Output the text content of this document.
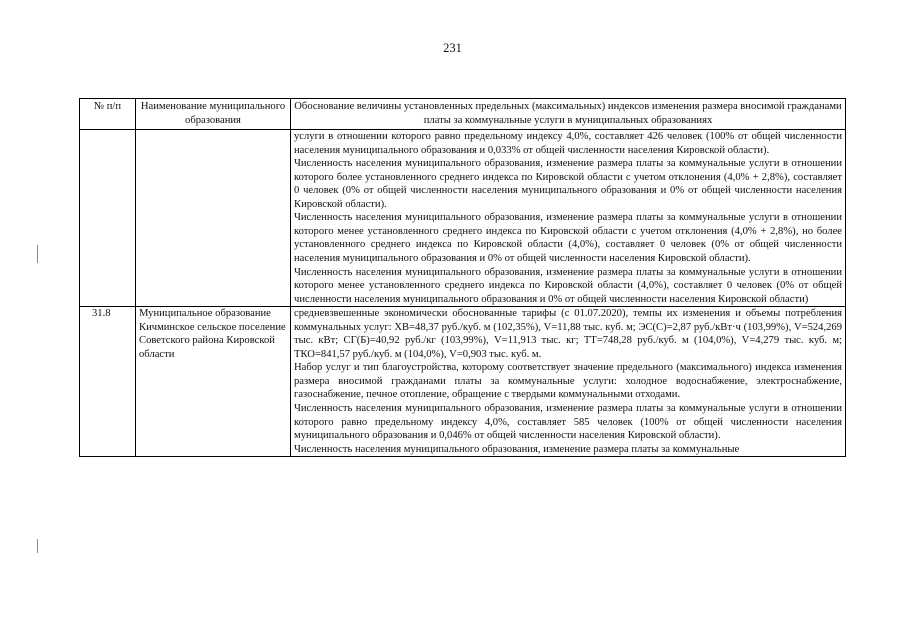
231
№ п/п	Наименование муниципального образования	Обоснование величины установленных предельных (максимальных) индексов изменения размера вносимой гражданами платы за коммунальные услуги в муниципальных образованиях

		услуги в отношении которого равно предельному индексу 4,0%, составляет 426 человек (100% от общей численности населения муниципального образования и 0,033% от общей численности населения Кировской области).

Численность населения муниципального образования, изменение размера платы за коммунальные услуги в отношении которого более установленного среднего индекса по Кировской области с учетом отклонения (4,0% + 2,8%), составляет 0 человек (0% от общей численности населения муниципального образования и 0% от общей численности населения Кировской области).

Численность населения муниципального образования, изменение размера платы за коммунальные услуги в отношении которого менее установленного среднего индекса по Кировской области с учетом отклонения (4,0% + 2,8%), но более установленного среднего индекса по Кировской области (4,0%), составляет 0 человек (0% от общей численности населения муниципального образования и 0% от общей численности населения Кировской области).

Численность населения муниципального образования, изменение размера платы за коммунальные услуги в отношении которого менее установленного среднего индекса по Кировской области (4,0%), составляет 0 человек (0% от общей численности населения муниципального образования и 0% от общей численности населения Кировской области)

31.8	Муниципальное образование Кичминское сельское поселение Советского района Кировской области	средневзвешенные экономически обоснованные тарифы (с 01.07.2020), темпы их изменения и объемы потребления коммунальных услуг: ХВ=48,37 руб./куб. м (102,35%), V=11,88 тыс. куб. м; ЭС(С)=2,87 руб./кВт·ч (103,99%), V=524,269 тыс. кВт; СГ(Б)=40,92 руб./кг (103,99%), V=11,913 тыс. кг; ТТ=748,28 руб./куб. м (104,0%), V=4,279 тыс. куб. м; ТКО=841,57 руб./куб. м (104,0%), V=0,903 тыс. куб. м.

Набор услуг и тип благоустройства, которому соответствует значение предельного (максимального) индекса изменения размера вносимой гражданами платы за коммунальные услуги: холодное водоснабжение, электроснабжение, газоснабжение, печное отопление, обращение с твердыми коммунальными отходами.

Численность населения муниципального образования, изменение размера платы за коммунальные услуги в отношении которого равно предельному индексу 4,0%, составляет 585 человек (100% от общей численности населения муниципального образования и 0,046% от общей численности населения Кировской области).

Численность населения муниципального образования, изменение размера платы за коммунальные
